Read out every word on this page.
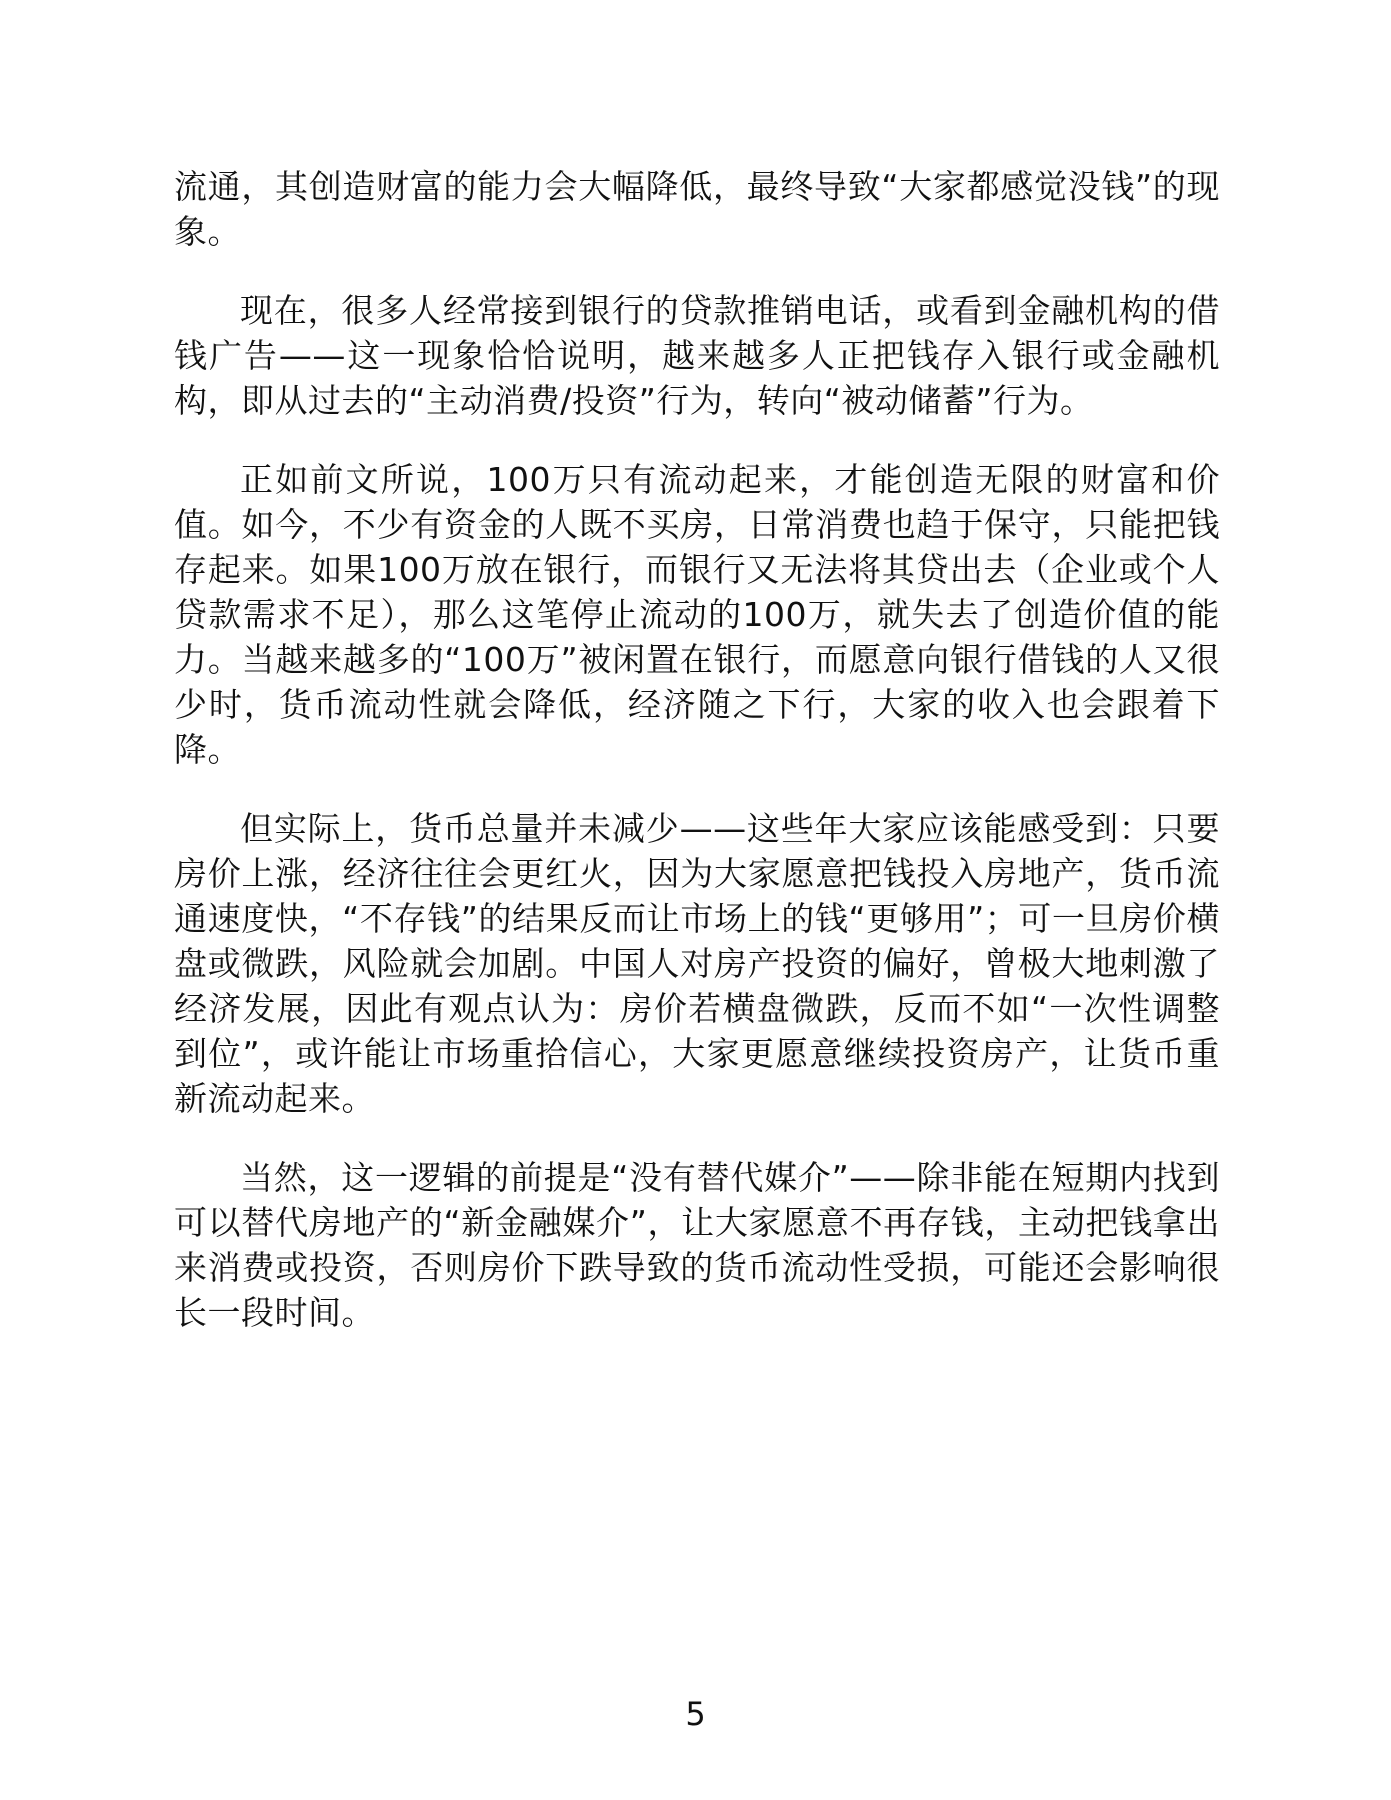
流通，其创造财富的能力会大幅降低，最终导致“大家都感觉没钱”的现象。

现在，很多人经常接到银行的贷款推销电话，或看到金融机构的借钱广告——这一现象恰恰说明，越来越多人正把钱存入银行或金融机构，即从过去的“主动消费/投资”行为，转向“被动储蓄”行为。

正如前文所说，100万只有流动起来，才能创造无限的财富和价值。如今，不少有资金的人既不买房，日常消费也趋于保守，只能把钱存起来。如果100万放在银行，而银行又无法将其贷出去（企业或个人贷款需求不足），那么这笔停止流动的100万，就失去了创造价值的能力。当越来越多的“100万”被闲置在银行，而愿意向银行借钱的人又很少时，货币流动性就会降低，经济随之下行，大家的收入也会跟着下降。

但实际上，货币总量并未减少——这些年大家应该能感受到：只要房价上涨，经济往往会更红火，因为大家愿意把钱投入房地产，货币流通速度快，“不存钱”的结果反而让市场上的钱“更够用”；可一旦房价横盘或微跌，风险就会加剧。中国人对房产投资的偏好，曾极大地刺激了经济发展，因此有观点认为：房价若横盘微跌，反而不如“一次性调整到位”，或许能让市场重拾信心，大家更愿意继续投资房产，让货币重新流动起来。

当然，这一逻辑的前提是“没有替代媒介”——除非能在短期内找到可以替代房地产的“新金融媒介”，让大家愿意不再存钱，主动把钱拿出来消费或投资，否则房价下跌导致的货币流动性受损，可能还会影响很长一段时间。

5
